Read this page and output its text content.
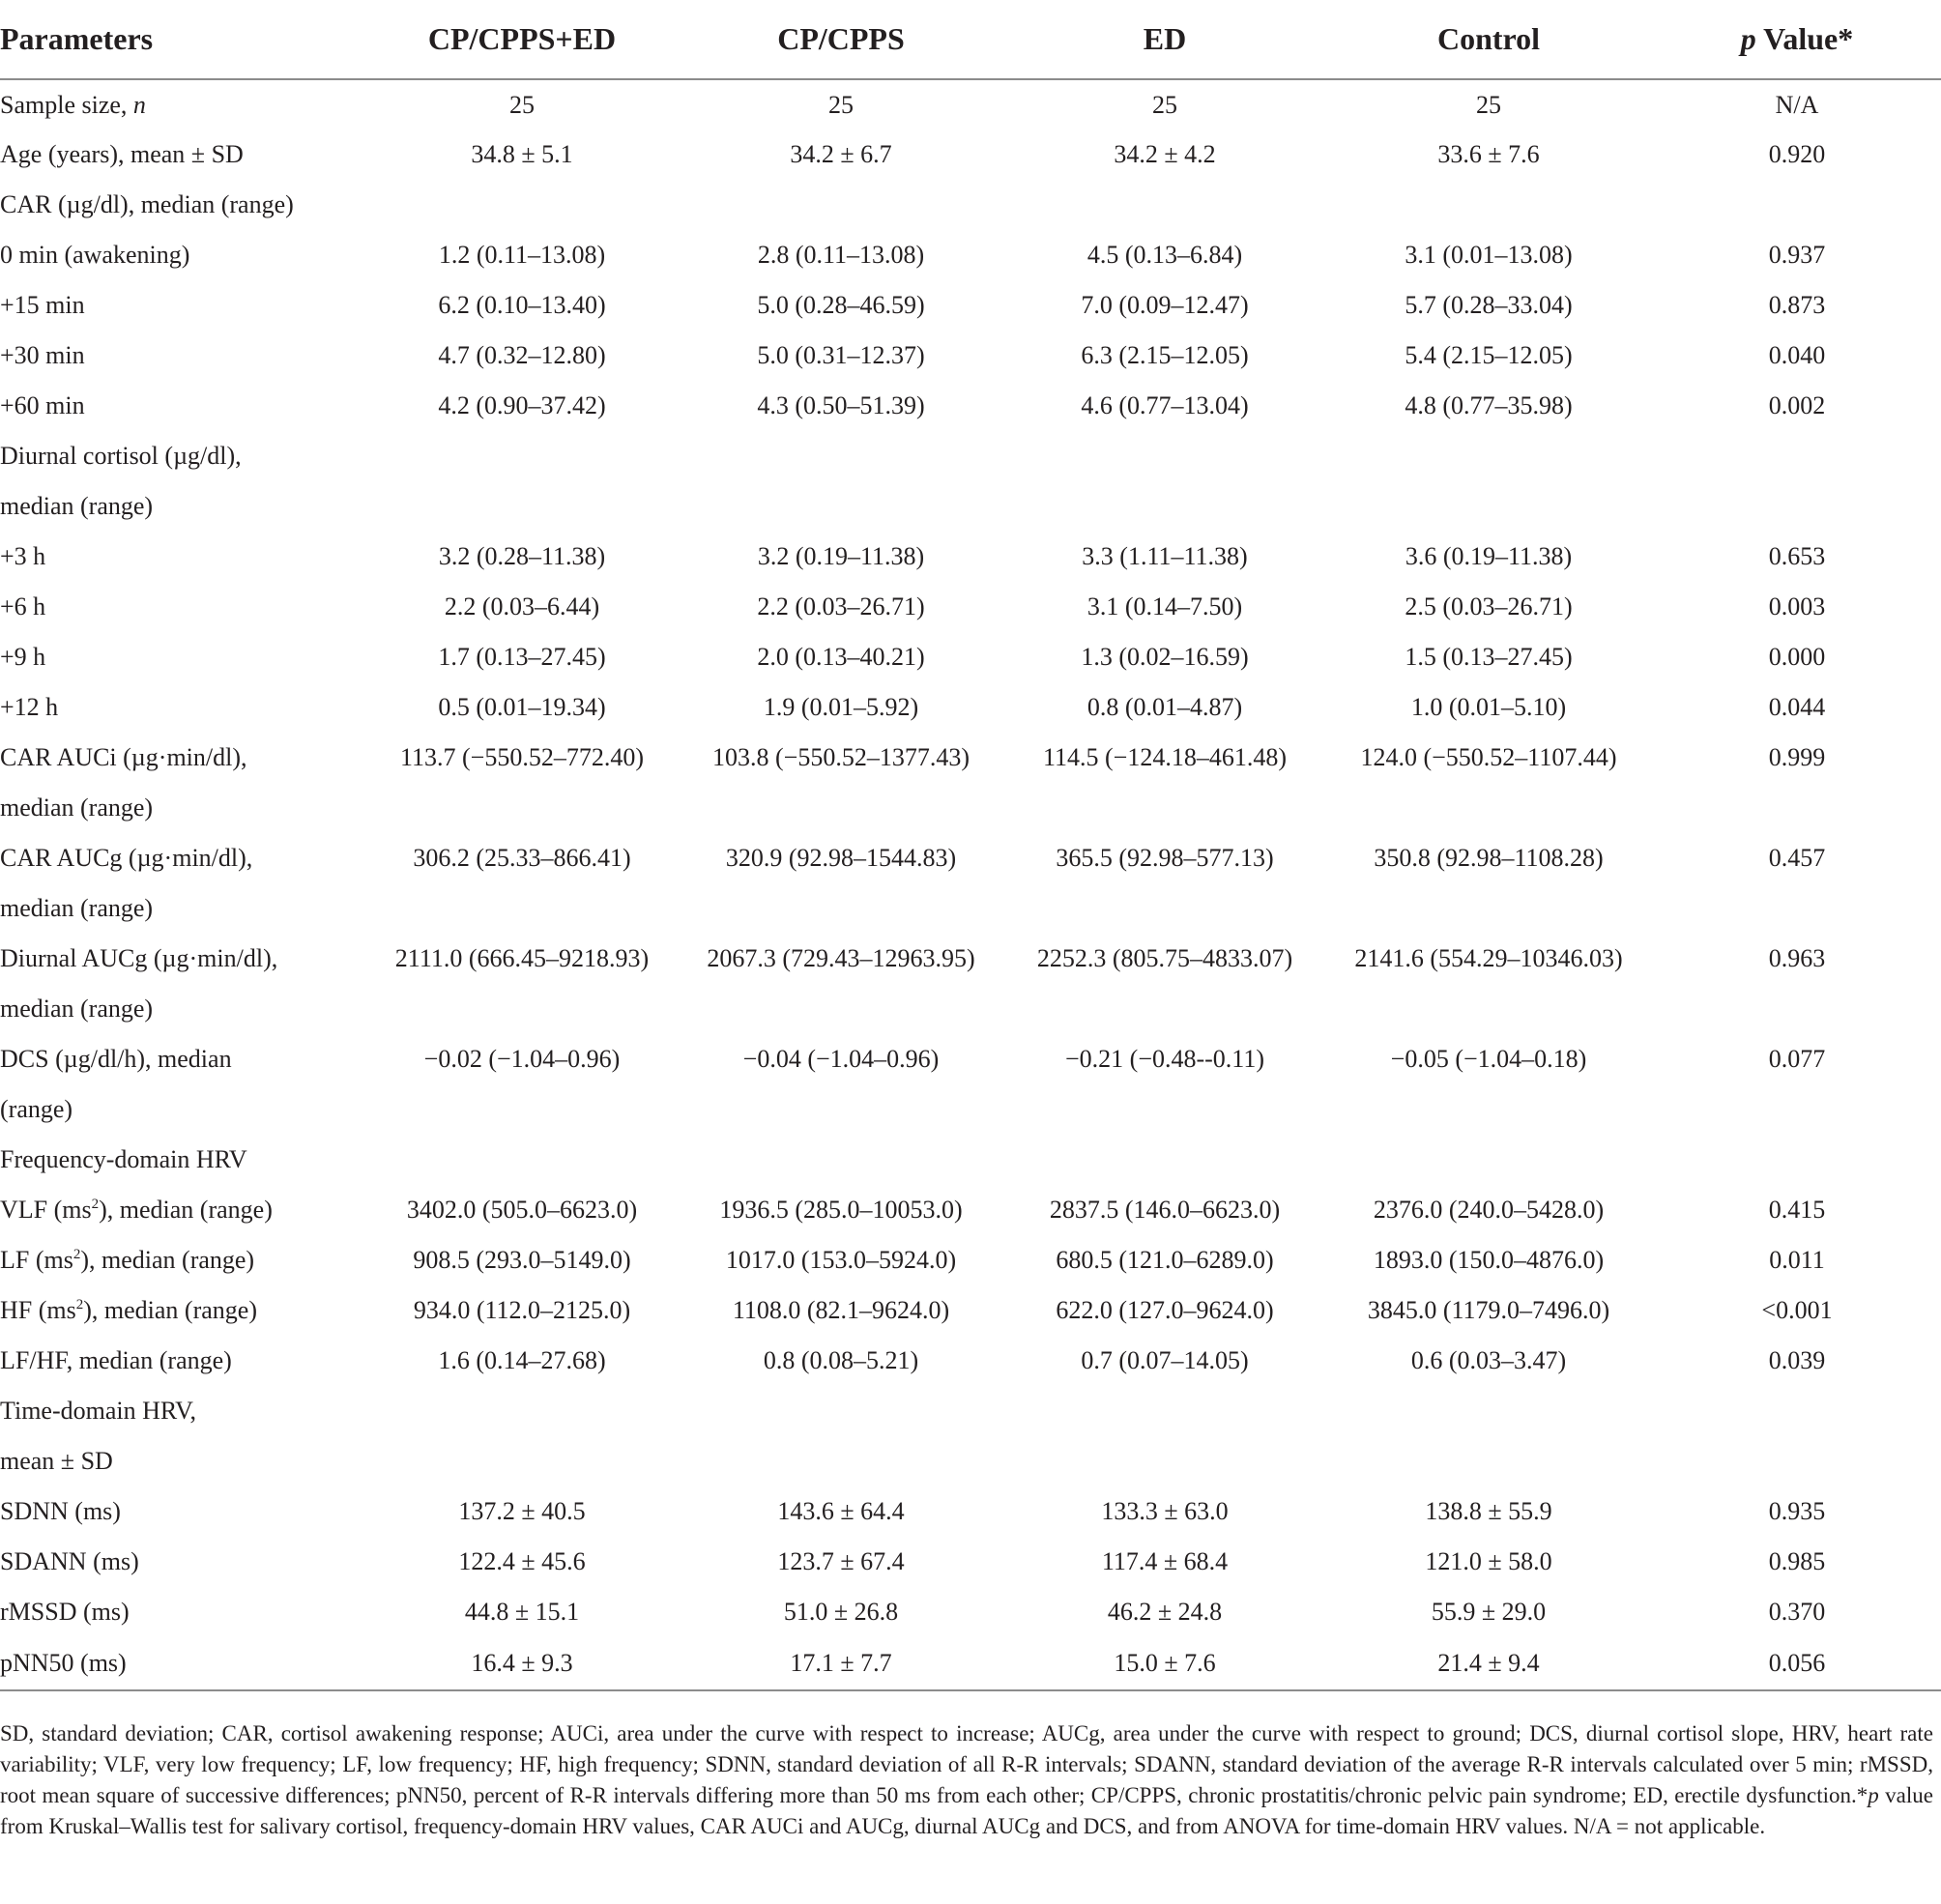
Parameters	CP/CPPS+ED	CP/CPPS	ED	Control	p Value*
Sample size, n	25	25	25	25	N/A
Age (years), mean ± SD	34.8 ± 5.1	34.2 ± 6.7	34.2 ± 4.2	33.6 ± 7.6	0.920
CAR (µg/dl), median (range)					
0 min (awakening)	1.2 (0.11–13.08)	2.8 (0.11–13.08)	4.5 (0.13–6.84)	3.1 (0.01–13.08)	0.937
+15 min	6.2 (0.10–13.40)	5.0 (0.28–46.59)	7.0 (0.09–12.47)	5.7 (0.28–33.04)	0.873
+30 min	4.7 (0.32–12.80)	5.0 (0.31–12.37)	6.3 (2.15–12.05)	5.4 (2.15–12.05)	0.040
+60 min	4.2 (0.90–37.42)	4.3 (0.50–51.39)	4.6 (0.77–13.04)	4.8 (0.77–35.98)	0.002
Diurnal cortisol (µg/dl),					
median (range)					
+3 h	3.2 (0.28–11.38)	3.2 (0.19–11.38)	3.3 (1.11–11.38)	3.6 (0.19–11.38)	0.653
+6 h	2.2 (0.03–6.44)	2.2 (0.03–26.71)	3.1 (0.14–7.50)	2.5 (0.03–26.71)	0.003
+9 h	1.7 (0.13–27.45)	2.0 (0.13–40.21)	1.3 (0.02–16.59)	1.5 (0.13–27.45)	0.000
+12 h	0.5 (0.01–19.34)	1.9 (0.01–5.92)	0.8 (0.01–4.87)	1.0 (0.01–5.10)	0.044
CAR AUCi (µg·min/dl),	113.7 (−550.52–772.40)	103.8 (−550.52–1377.43)	114.5 (−124.18–461.48)	124.0 (−550.52–1107.44)	0.999
median (range)					
CAR AUCg (µg·min/dl),	306.2 (25.33–866.41)	320.9 (92.98–1544.83)	365.5 (92.98–577.13)	350.8 (92.98–1108.28)	0.457
median (range)					
Diurnal AUCg (µg·min/dl),	2111.0 (666.45–9218.93)	2067.3 (729.43–12963.95)	2252.3 (805.75–4833.07)	2141.6 (554.29–10346.03)	0.963
median (range)					
DCS (µg/dl/h), median	−0.02 (−1.04–0.96)	−0.04 (−1.04–0.96)	−0.21 (−0.48--0.11)	−0.05 (−1.04–0.18)	0.077
(range)					
Frequency-domain HRV					
VLF $(ms^2)$, median (range)	3402.0 (505.0–6623.0)	1936.5 (285.0–10053.0)	2837.5 (146.0–6623.0)	2376.0 (240.0–5428.0)	0.415
LF $(ms^2)$, median (range)	908.5 (293.0–5149.0)	1017.0 (153.0–5924.0)	680.5 (121.0–6289.0)	1893.0 (150.0–4876.0)	0.011
HF $(ms^2)$, median (range)	934.0 (112.0–2125.0)	1108.0 (82.1–9624.0)	622.0 (127.0–9624.0)	3845.0 (1179.0–7496.0)	<0.001
LF/HF, median (range)	1.6 (0.14–27.68)	0.8 (0.08–5.21)	0.7 (0.07–14.05)	0.6 (0.03–3.47)	0.039
Time-domain HRV,					
mean ± SD					
SDNN (ms)	137.2 ± 40.5	143.6 ± 64.4	133.3 ± 63.0	138.8 ± 55.9	0.935
SDANN (ms)	122.4 ± 45.6	123.7 ± 67.4	117.4 ± 68.4	121.0 ± 58.0	0.985
rMSSD (ms)	44.8 ± 15.1	51.0 ± 26.8	46.2 ± 24.8	55.9 ± 29.0	0.370
pNN50 (ms)	16.4 ± 9.3	17.1 ± 7.7	15.0 ± 7.6	21.4 ± 9.4	0.056
SD, standard deviation; CAR, cortisol awakening response; AUCi, area under the curve with respect to increase; AUCg, area under the curve with respect to ground; DCS, diurnal cortisol slope, HRV, heart rate variability; VLF, very low frequency; LF, low frequency; HF, high frequency; SDNN, standard deviation of all R-R intervals; SDANN, standard deviation of the average R-R intervals calculated over 5 min; rMSSD, root mean square of successive differences; pNN50, percent of R-R intervals differing more than 50 ms from each other; CP/CPPS, chronic prostatitis/chronic pelvic pain syndrome; ED, erectile dysfunction.*p value from Kruskal–Wallis test for salivary cortisol, frequency-domain HRV values, CAR AUCi and AUCg, diurnal AUCg and DCS, and from ANOVA for time-domain HRV values. N/A = not applicable.
